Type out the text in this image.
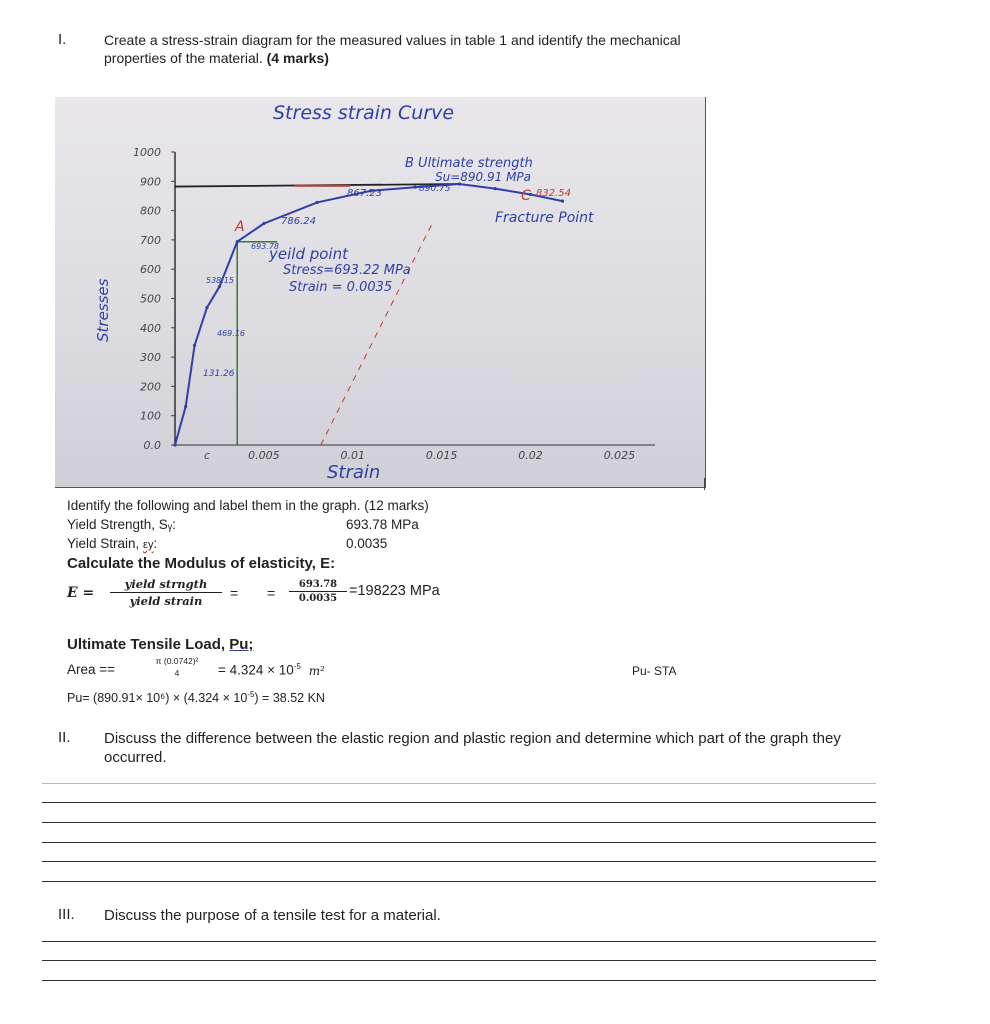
I.	Create a stress-strain diagram for the measured values in table 1 and identify the mechanical properties of the material. (4 marks)
Stress strain Curve
Stresses
Strain
0.0
100
200
300
400
500
600
700
800
900
1000
c	0.005	0.01	0.015	0.02	0.025
B Ultimate strength
Su=890.91 MPa
C
A
Fracture Point
yeild point
Stress=693.22 MPa
Strain = 0.0035
131.26
469.16
538.15
693.78
786.24
867.23	890.75	832.54
Identify the following and label them in the graph. (12 marks)
Yield Strength, Sᵧ:	693.78 MPa
Yield Strain, εy:	0.0035
Calculate the Modulus of elasticity, E:
E =
yield strngth
yield strain	= = $\frac{693.78}{0.0035} =198223$ MPa
Ultimate Tensile Load, Pu;
Area ==
π (0.0742)²
4	= $4.324 \times 10^{-5}$ m²	Pu- STA
$Pu= (890.91\times 10^6) \times (4.324 \times 10^{-5}) = 38.52$ KN
II. Discuss the difference between the elastic region and plastic region and determine which part of the graph they occurred.
III. Discuss the purpose of a tensile test for a material.
